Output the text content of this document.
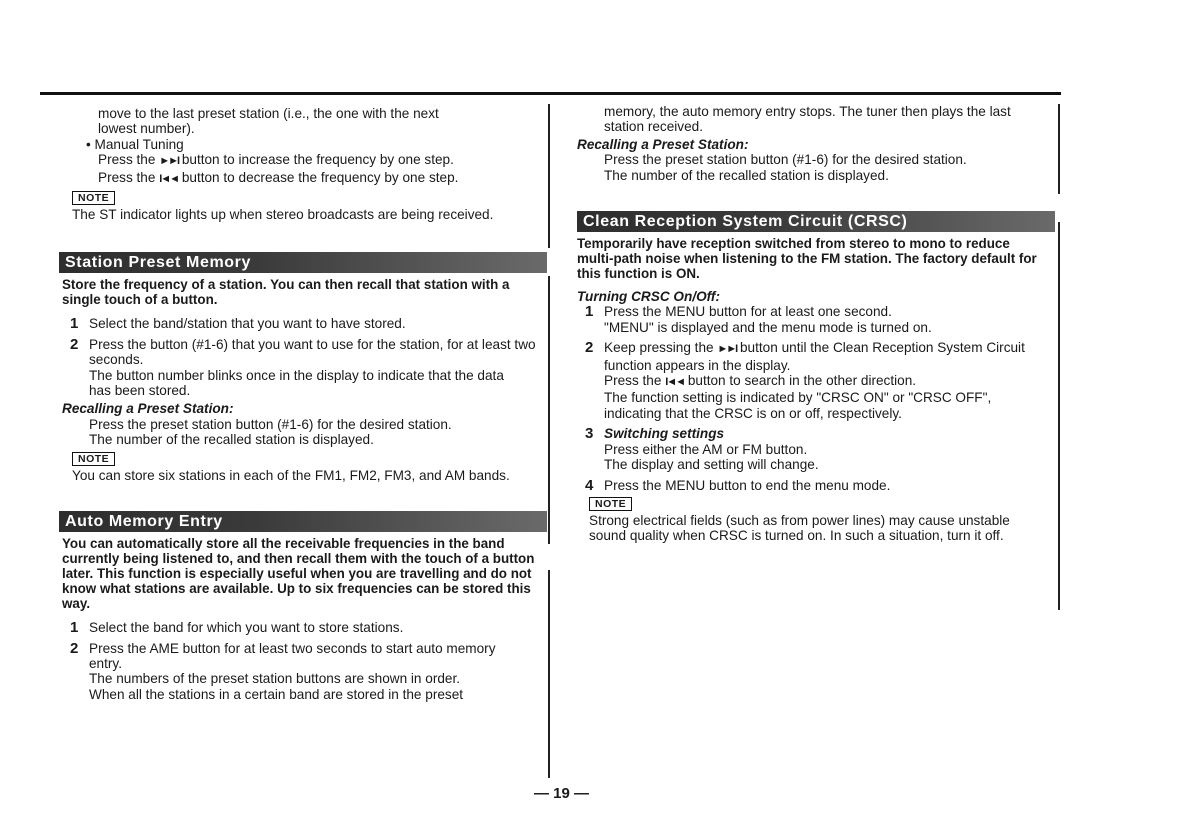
move to the last preset station (i.e., the one with the next

lowest number).

• Manual Tuning

Press the ►►I button to increase the frequency by one step.

Press the I◄◄ button to decrease the frequency by one step.

NOTE

The ST indicator lights up when stereo broadcasts are being received.

Station Preset Memory

Store the frequency of a station. You can then recall that station with a single touch of a button.

1 Select the band/station that you want to have stored.

2 Press the button (#1-6) that you want to use for the station, for at least two seconds.

The button number blinks once in the display to indicate that the data has been stored.

Recalling a Preset Station:

Press the preset station button (#1-6) for the desired station.

The number of the recalled station is displayed.

NOTE

You can store six stations in each of the FM1, FM2, FM3, and AM bands.

Auto Memory Entry

You can automatically store all the receivable frequencies in the band currently being listened to, and then recall them with the touch of a button later. This function is especially useful when you are travelling and do not know what stations are available. Up to six frequencies can be stored this way.

1 Select the band for which you want to store stations.

2 Press the AME button for at least two seconds to start auto memory entry.

The numbers of the preset station buttons are shown in order.

When all the stations in a certain band are stored in the preset

memory, the auto memory entry stops. The tuner then plays the last station received.

Recalling a Preset Station:

Press the preset station button (#1-6) for the desired station.

The number of the recalled station is displayed.

Clean Reception System Circuit (CRSC)

Temporarily have reception switched from stereo to mono to reduce multi-path noise when listening to the FM station. The factory default for this function is ON.

Turning CRSC On/Off:

1 Press the MENU button for at least one second.

"MENU" is displayed and the menu mode is turned on.

2 Keep pressing the ►►I button until the Clean Reception System Circuit function appears in the display.

Press the I◄◄ button to search in the other direction.

The function setting is indicated by "CRSC ON" or "CRSC OFF", indicating that the CRSC is on or off, respectively.

3 Switching settings

Press either the AM or FM button.

The display and setting will change.

4 Press the MENU button to end the menu mode.

NOTE

Strong electrical fields (such as from power lines) may cause unstable sound quality when CRSC is turned on. In such a situation, turn it off.

— 19 —
